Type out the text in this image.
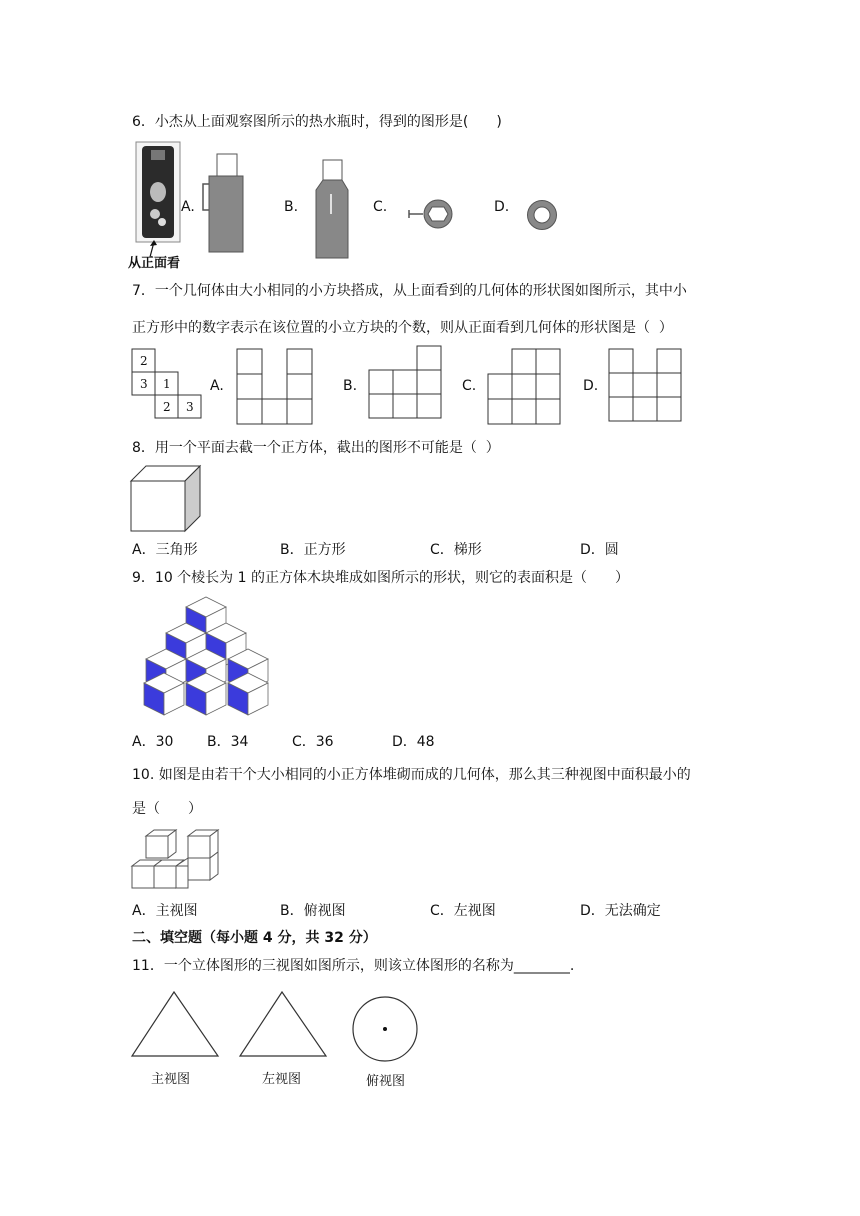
6．小杰从上面观察图所示的热水瓶时，得到的图形是(　　)
从正面看
A.	B.	C.	D.
7．一个几何体由大小相同的小方块搭成，从上面看到的几何体的形状图如图所示，其中小
正方形中的数字表示在该位置的小立方块的个数，则从正面看到几何体的形状图是（  ）
2
3 1
2 3
A.	B.	C.	D.
8．用一个平面去截一个正方体，截出的图形不可能是（  ）
A．三角形	B．正方形	C．梯形	D．圆
9．10 个棱长为 1 的正方体木块堆成如图所示的形状，则它的表面积是（　　）
A．30 B．34	C．36	D．48
10. 如图是由若干个大小相同的小正方体堆砌而成的几何体，那么其三种视图中面积最小的
是（　　）
A．主视图	B．俯视图	C．左视图	D．无法确定
二、填空题（每小题 4 分，共 32 分）
11．一个立体图形的三视图如图所示，则该立体图形的名称为________.
主视图	左视图	俯视图
